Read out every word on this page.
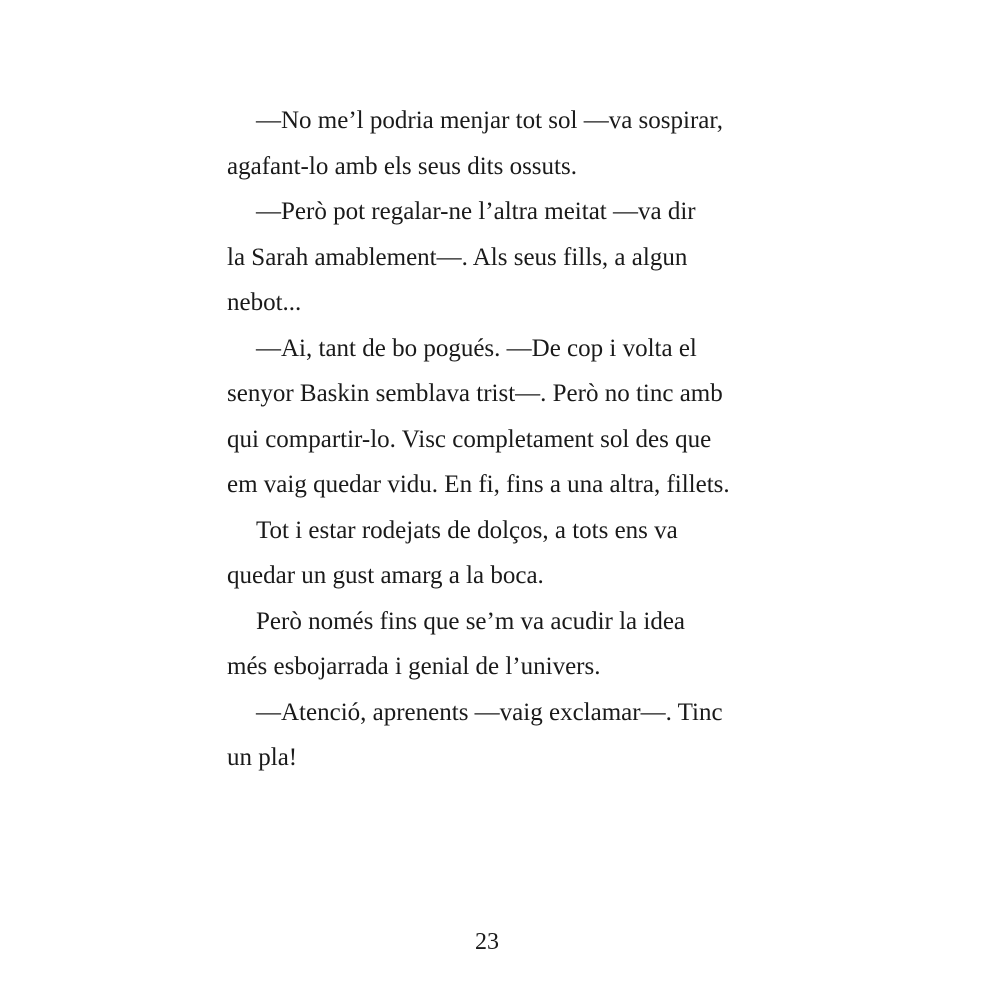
—No me’l podria menjar tot sol —va sospirar,
agafant-lo amb els seus dits ossuts.
—Però pot regalar-ne l’altra meitat —va dir
la Sarah amablement—. Als seus fills, a algun
nebot...
—Ai, tant de bo pogués. —De cop i volta el
senyor Baskin semblava trist—. Però no tinc amb
qui compartir-lo. Visc completament sol des que
em vaig quedar vidu. En fi, fins a una altra, fillets.
Tot i estar rodejats de dolços, a tots ens va
quedar un gust amarg a la boca.
Però només fins que se’m va acudir la idea
més esbojarrada i genial de l’univers.
—Atenció, aprenents —vaig exclamar—. Tinc
un pla!
23
